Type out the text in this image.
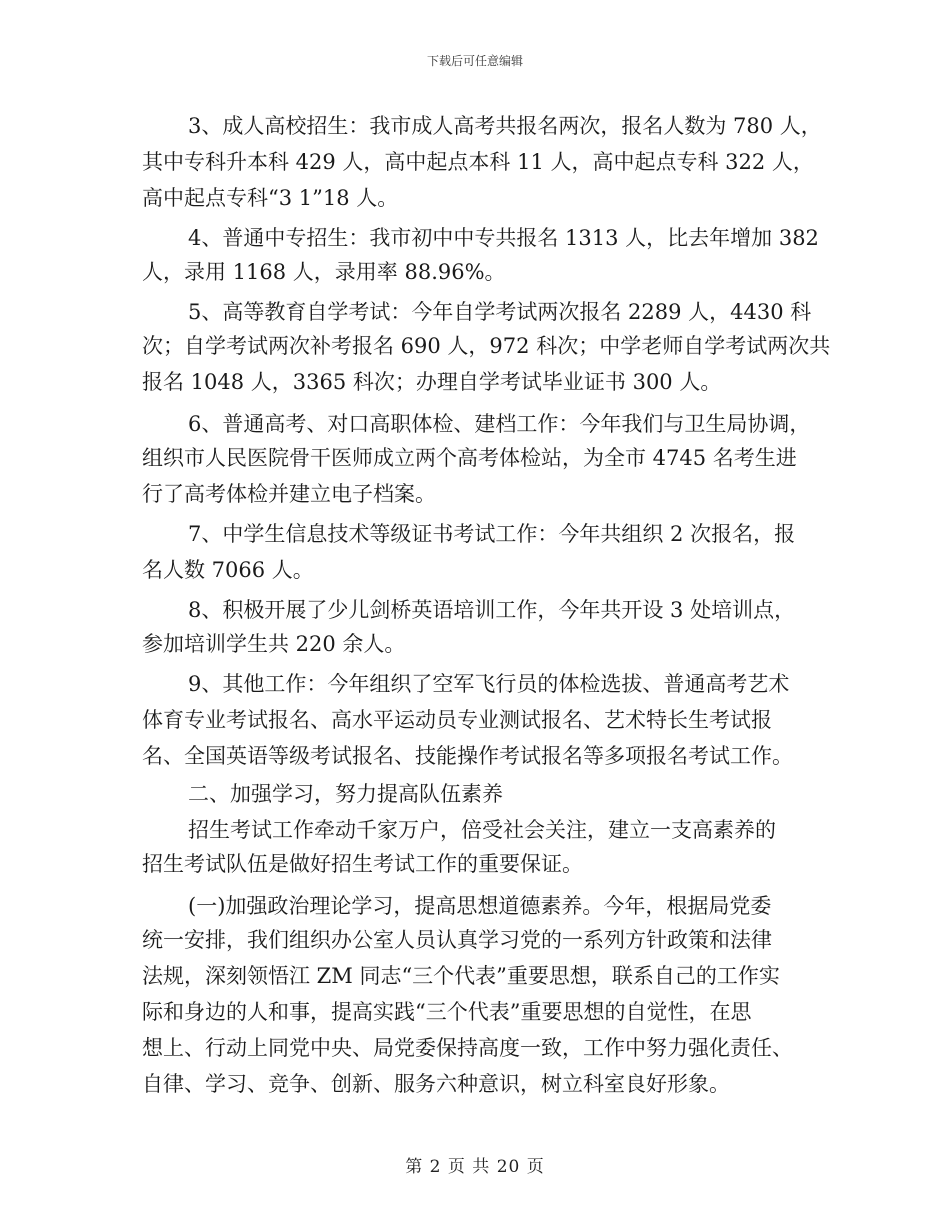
下载后可任意编辑
3、成人高校招生：我市成人高考共报名两次，报名人数为 780 人，
其中专科升本科 429 人，高中起点本科 11 人，高中起点专科 322 人，
高中起点专科“3 1”18 人。
4、普通中专招生：我市初中中专共报名 1313 人，比去年增加 382
人，录用 1168 人，录用率 88.96%。
5、高等教育自学考试：今年自学考试两次报名 2289 人，4430 科
次；自学考试两次补考报名 690 人，972 科次；中学老师自学考试两次共
报名 1048 人，3365 科次；办理自学考试毕业证书 300 人。
6、普通高考、对口高职体检、建档工作：今年我们与卫生局协调，
组织市人民医院骨干医师成立两个高考体检站，为全市 4745 名考生进
行了高考体检并建立电子档案。
7、中学生信息技术等级证书考试工作：今年共组织 2 次报名，报
名人数 7066 人。
8、积极开展了少儿剑桥英语培训工作，今年共开设 3 处培训点，
参加培训学生共 220 余人。
9、其他工作：今年组织了空军飞行员的体检选拔、普通高考艺术
体育专业考试报名、高水平运动员专业测试报名、艺术特长生考试报
名、全国英语等级考试报名、技能操作考试报名等多项报名考试工作。
二、加强学习，努力提高队伍素养
招生考试工作牵动千家万户，倍受社会关注，建立一支高素养的
招生考试队伍是做好招生考试工作的重要保证。
(一)加强政治理论学习，提高思想道德素养。今年，根据局党委
统一安排，我们组织办公室人员认真学习党的一系列方针政策和法律
法规，深刻领悟江 ZM 同志“三个代表”重要思想，联系自己的工作实
际和身边的人和事，提高实践“三个代表”重要思想的自觉性，在思
想上、行动上同党中央、局党委保持高度一致，工作中努力强化责任、
自律、学习、竞争、创新、服务六种意识，树立科室良好形象。
第 2 页 共 20 页
